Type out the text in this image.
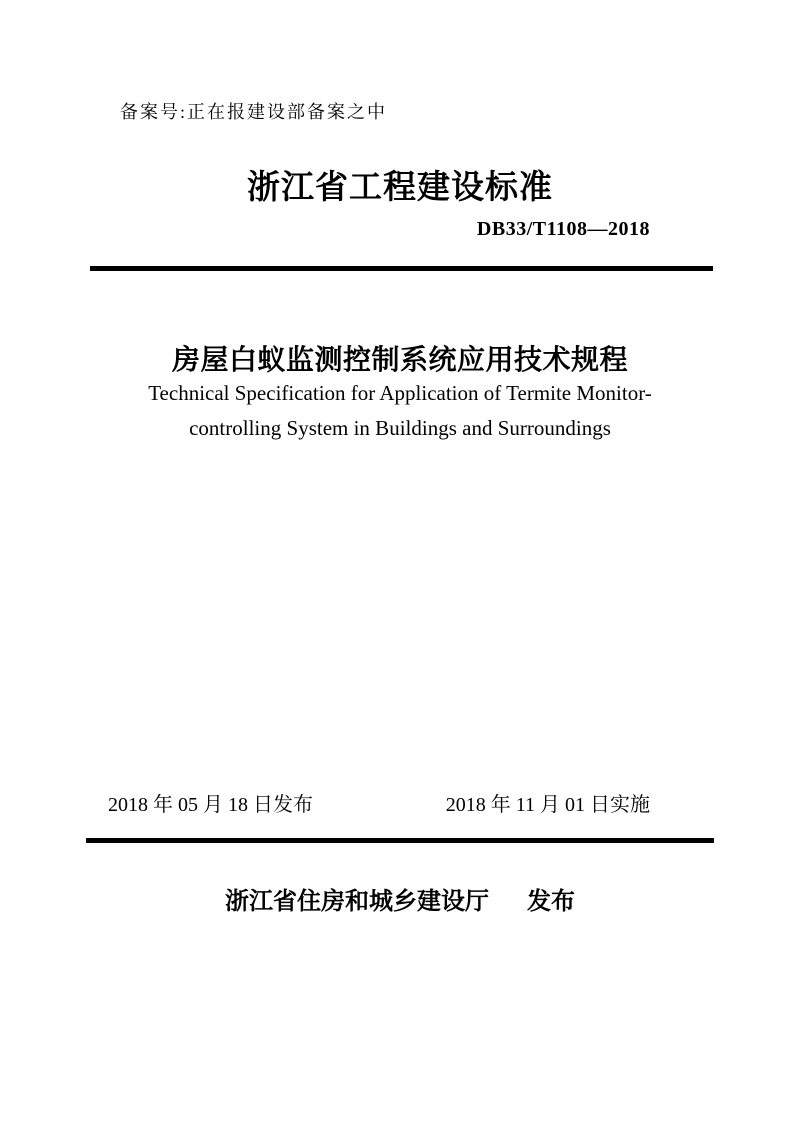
备案号:正在报建设部备案之中
浙江省工程建设标准
DB33/T1108—2018
房屋白蚁监测控制系统应用技术规程
Technical Specification for Application of Termite Monitor-
controlling System in Buildings and Surroundings
2018 年 05 月 18 日发布	2018 年 11 月 01 日实施
浙江省住房和城乡建设厅 发布
